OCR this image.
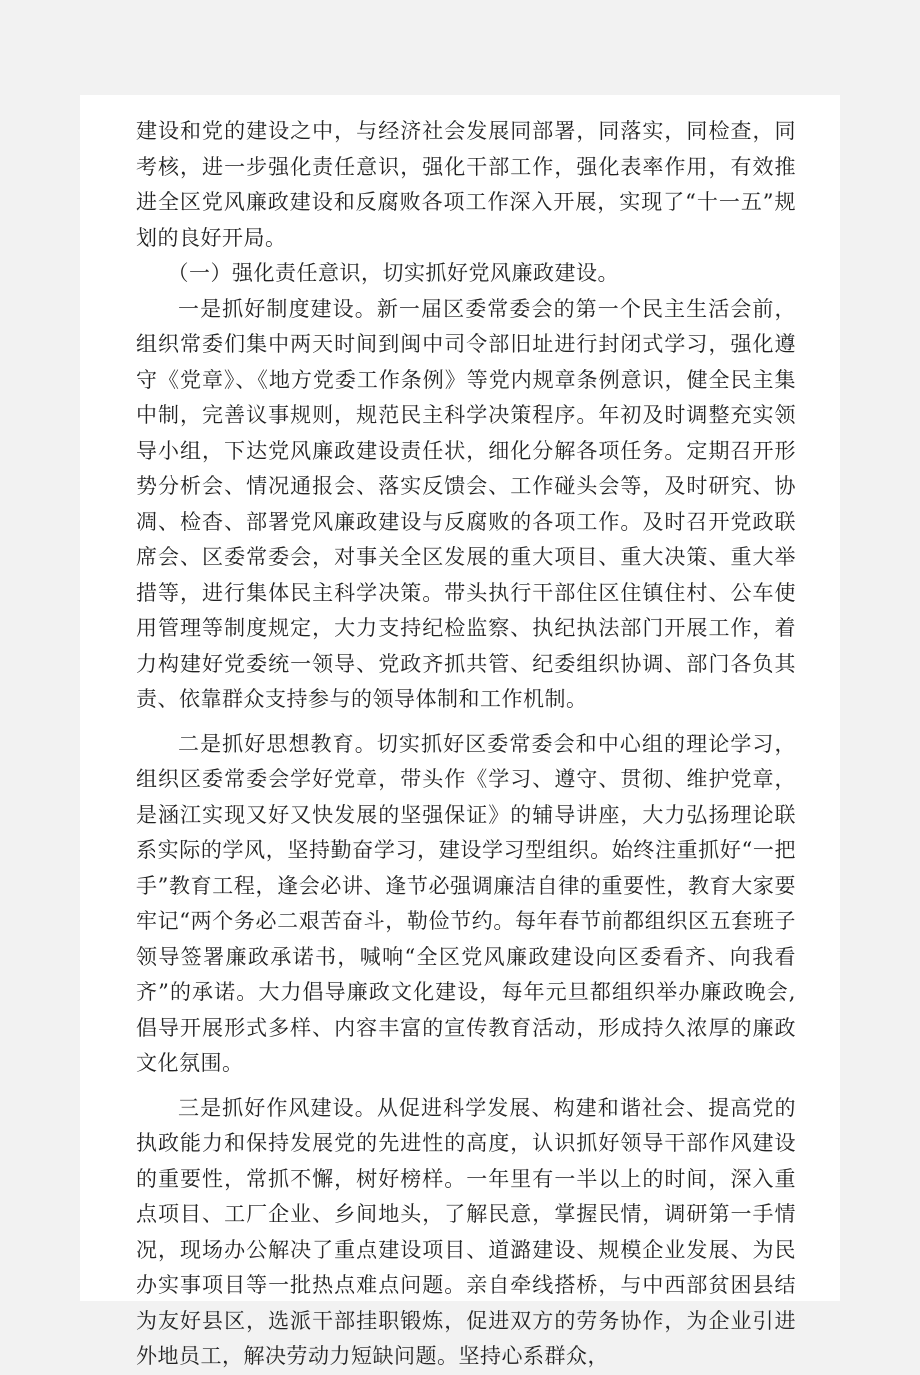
建设和党的建设之中，与经济社会发展同部署，同落实，同检查，同考核，进一步强化责任意识，强化干部工作，强化表率作用，有效推进全区党风廉政建设和反腐败各项工作深入开展，实现了“十一五”规划的良好开局。

（一）强化责任意识，切实抓好党风廉政建设。

一是抓好制度建设。新一届区委常委会的第一个民主生活会前，组织常委们集中两天时间到闽中司令部旧址进行封闭式学习，强化遵守《党章》、《地方党委工作条例》等党内规章条例意识，健全民主集中制，完善议事规则，规范民主科学决策程序。年初及时调整充实领导小组，下达党风廉政建设责任状，细化分解各项任务。定期召开形势分析会、情况通报会、落实反馈会、工作碰头会等，及时研究、协凋、检杳、部署党风廉政建设与反腐败的各项工作。及时召开党政联席会、区委常委会，对事关全区发展的重大项目、重大决策、重大举措等，进行集体民主科学决策。带头执行干部住区住镇住村、公车使用管理等制度规定，大力支持纪检监察、执纪执法部门开展工作，着力构建好党委统一领导、党政齐抓共管、纪委组织协调、部门各负其责、依靠群众支持参与的领导体制和工作机制。

二是抓好思想教育。切实抓好区委常委会和中心组的理论学习，组织区委常委会学好党章，带头作《学习、遵守、贯彻、维护党章，是涵江实现又好又快发展的坚强保证》的辅导讲座，大力弘扬理论联系实际的学风，坚持勤奋学习，建设学习型组织。始终注重抓好“一把手”教育工程，逢会必讲、逢节必强调廉洁自律的重要性，教育大家要牢记“两个务必二艰苦奋斗，勒俭节约。每年春节前都组织区五套班子领导签署廉政承诺书，喊响“全区党风廉政建设向区委看齐、向我看齐”的承诺。大力倡导廉政文化建设，每年元旦都组织举办廉政晚会,倡导开展形式多样、内容丰富的宣传教育活动，形成持久浓厚的廉政文化氛围。

三是抓好作风建设。从促进科学发展、构建和谐社会、提高党的执政能力和保持发展党的先进性的高度，认识抓好领导干部作风建设的重要性，常抓不懈，树好榜样。一年里有一半以上的时间，深入重点项目、工厂企业、乡间地头，了解民意，掌握民情，调研第一手情况，现场办公解决了重点建设项目、道潞建设、规模企业发展、为民办实事项目等一批热点难点问题。亲自牵线搭桥，与中西部贫困县结为友好县区，选派干部挂职锻炼，促进双方的劳务协作，为企业引进外地员工，解决劳动力短缺问题。坚持心系群众，
